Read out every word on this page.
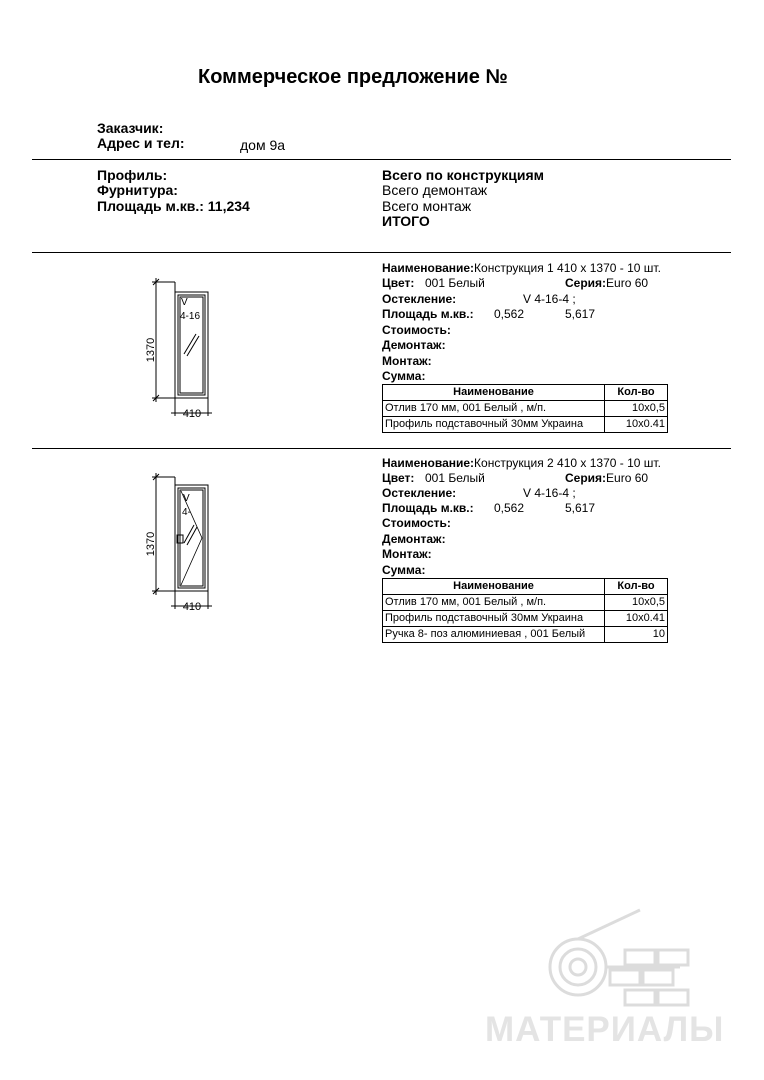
Коммерческое предложение №
Заказчик:
Адрес и тел:	дом 9а
Профиль:
Фурнитура:
Площадь м.кв.: 11,234
Всего по конструкциям
Всего демонтаж
Всего монтаж
ИТОГО
1370
V
4-16
410
Наименование:Конструкция 1 410 x 1370 - 10 шт.
Цвет: 001 Белый	Серия:Euro 60
Остекление:	V 4-16-4 ;
Площадь м.кв.: 0,562	5,617
Стоимость:
Демонтаж:
Монтаж:
Сумма:
Наименование	Кол-во
Отлив 170 мм, 001 Белый , м/п.	10x0,5
Профиль подставочный 30мм Украина	10x0.41
1370
V
4-
410
Наименование:Конструкция 2 410 x 1370 - 10 шт.
Цвет: 001 Белый	Серия:Euro 60
Остекление:	V 4-16-4 ;
Площадь м.кв.: 0,562	5,617
Стоимость:
Демонтаж:
Монтаж:
Сумма:
Наименование	Кол-во
Отлив 170 мм, 001 Белый , м/п.	10x0,5
Профиль подставочный 30мм Украина	10x0.41
Ручка 8- поз алюминиевая , 001 Белый	10
МАТЕРИАЛЫ
